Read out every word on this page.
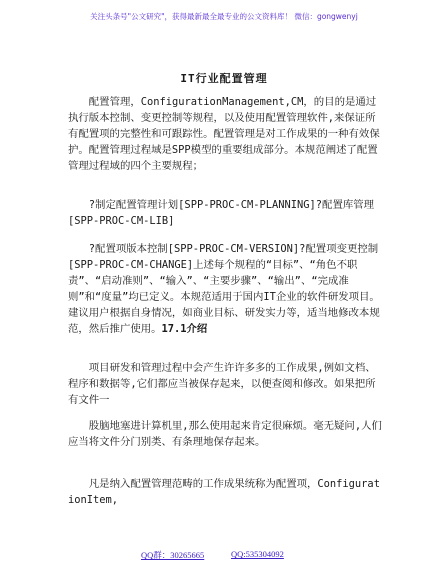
关注头条号"公文研究"，获得最新最全最专业的公文资料库！ 微信：gongwenyj
IT行业配置管理

配置管理，ConfigurationManagement,CM，的目的是通过执行版本控制、变更控制等规程，以及使用配置管理软件,来保证所有配置项的完整性和可跟踪性。配置管理是对工作成果的一种有效保护。配置管理过程域是SPP模型的重要组成部分。本规范阐述了配置管理过程域的四个主要规程；

?制定配置管理计划[SPP-PROC-CM-PLANNING]?配置库管理[SPP-PROC-CM-LIB]

?配置项版本控制[SPP-PROC-CM-VERSION]?配置项变更控制[SPP-PROC-CM-CHANGE]上述每个规程的“目标”、“角色不职责”、“启动准则”、“输入”、“主要步骤”、“输出”、“完成准则”和“度量”均已定义。本规范适用于国内IT企业的软件研发项目。建议用户根据自身情况，如商业目标、研发实力等，适当地修改本规范，然后推广使用。17.1介绍

项目研发和管理过程中会产生许许多多的工作成果,例如文档、程序和数据等,它们都应当被保存起来，以便查阅和修改。如果把所有文件一

股脑地塞进计算机里,那么使用起来肯定很麻烦。毫无疑问,人们应当将文件分门别类、有条理地保存起来。

凡是纳入配置管理范畴的工作成果统称为配置项，ConfigurationItem,

QQ群：30265665	QQ:535304092
